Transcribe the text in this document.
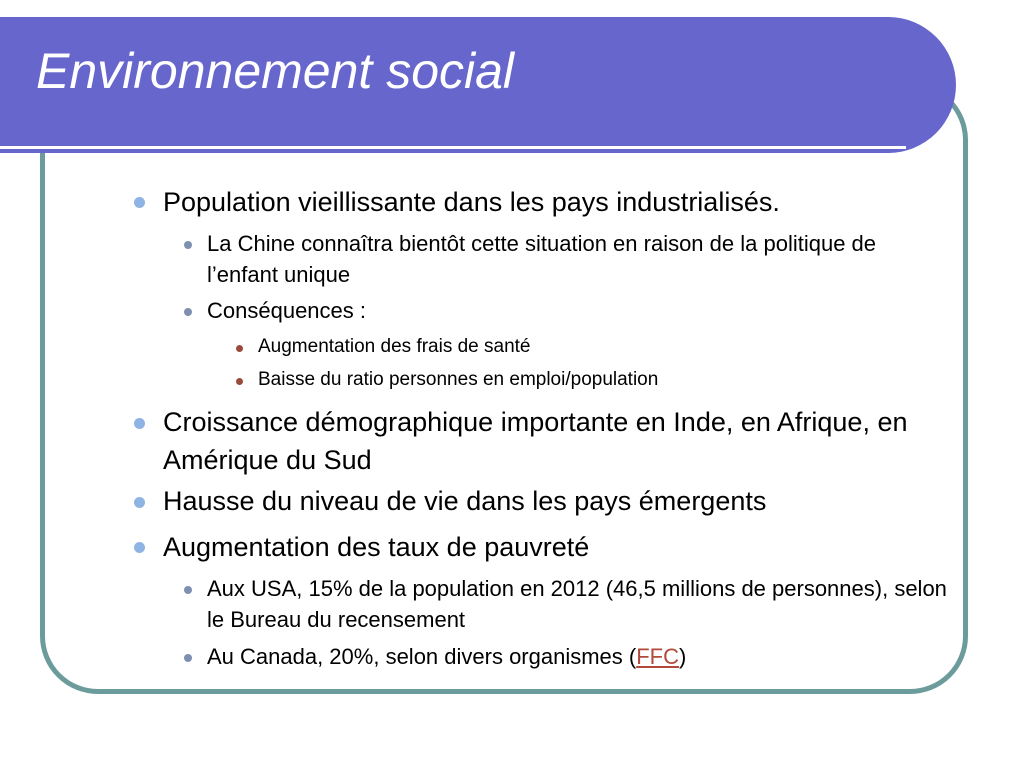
Environnement social
Population vieillissante dans les pays industrialisés.
La Chine connaîtra bientôt cette situation en raison de la politique de l’enfant unique
Conséquences :
Augmentation des frais de santé
Baisse du ratio personnes en emploi/population
Croissance démographique importante en Inde, en Afrique, en Amérique du Sud
Hausse du niveau de vie dans les pays émergents
Augmentation des taux de pauvreté
Aux USA, 15% de la population en 2012 (46,5 millions de personnes), selon le Bureau du recensement
Au Canada, 20%, selon divers organismes (FFC)
